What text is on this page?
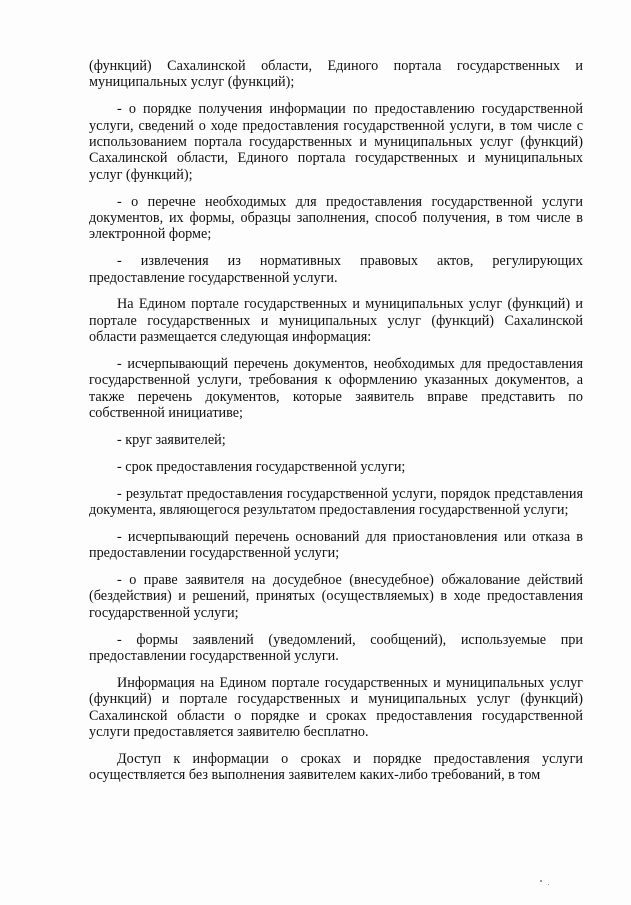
(функций) Сахалинской области, Единого портала государственных и муниципальных услуг (функций);

- о порядке получения информации по предоставлению государственной услуги, сведений о ходе предоставления государственной услуги, в том числе с использованием портала государственных и муниципальных услуг (функций) Сахалинской области, Единого портала государственных и муниципальных услуг (функций);

- о перечне необходимых для предоставления государственной услуги документов, их формы, образцы заполнения, способ получения, в том числе в электронной форме;

- извлечения из нормативных правовых актов, регулирующих предоставление государственной услуги.

На Едином портале государственных и муниципальных услуг (функций) и портале государственных и муниципальных услуг (функций) Сахалинской области размещается следующая информация:

- исчерпывающий перечень документов, необходимых для предоставления государственной услуги, требования к оформлению указанных документов, а также перечень документов, которые заявитель вправе представить по собственной инициативе;

- круг заявителей;

- срок предоставления государственной услуги;

- результат предоставления государственной услуги, порядок представления документа, являющегося результатом предоставления государственной услуги;

- исчерпывающий перечень оснований для приостановления или отказа в предоставлении государственной услуги;

- о праве заявителя на досудебное (внесудебное) обжалование действий (бездействия) и решений, принятых (осуществляемых) в ходе предоставления государственной услуги;

- формы заявлений (уведомлений, сообщений), используемые при предоставлении государственной услуги.

Информация на Едином портале государственных и муниципальных услуг (функций) и портале государственных и муниципальных услуг (функций) Сахалинской области о порядке и сроках предоставления государственной услуги предоставляется заявителю бесплатно.

Доступ к информации о сроках и порядке предоставления услуги осуществляется без выполнения заявителем каких-либо требований, в том
